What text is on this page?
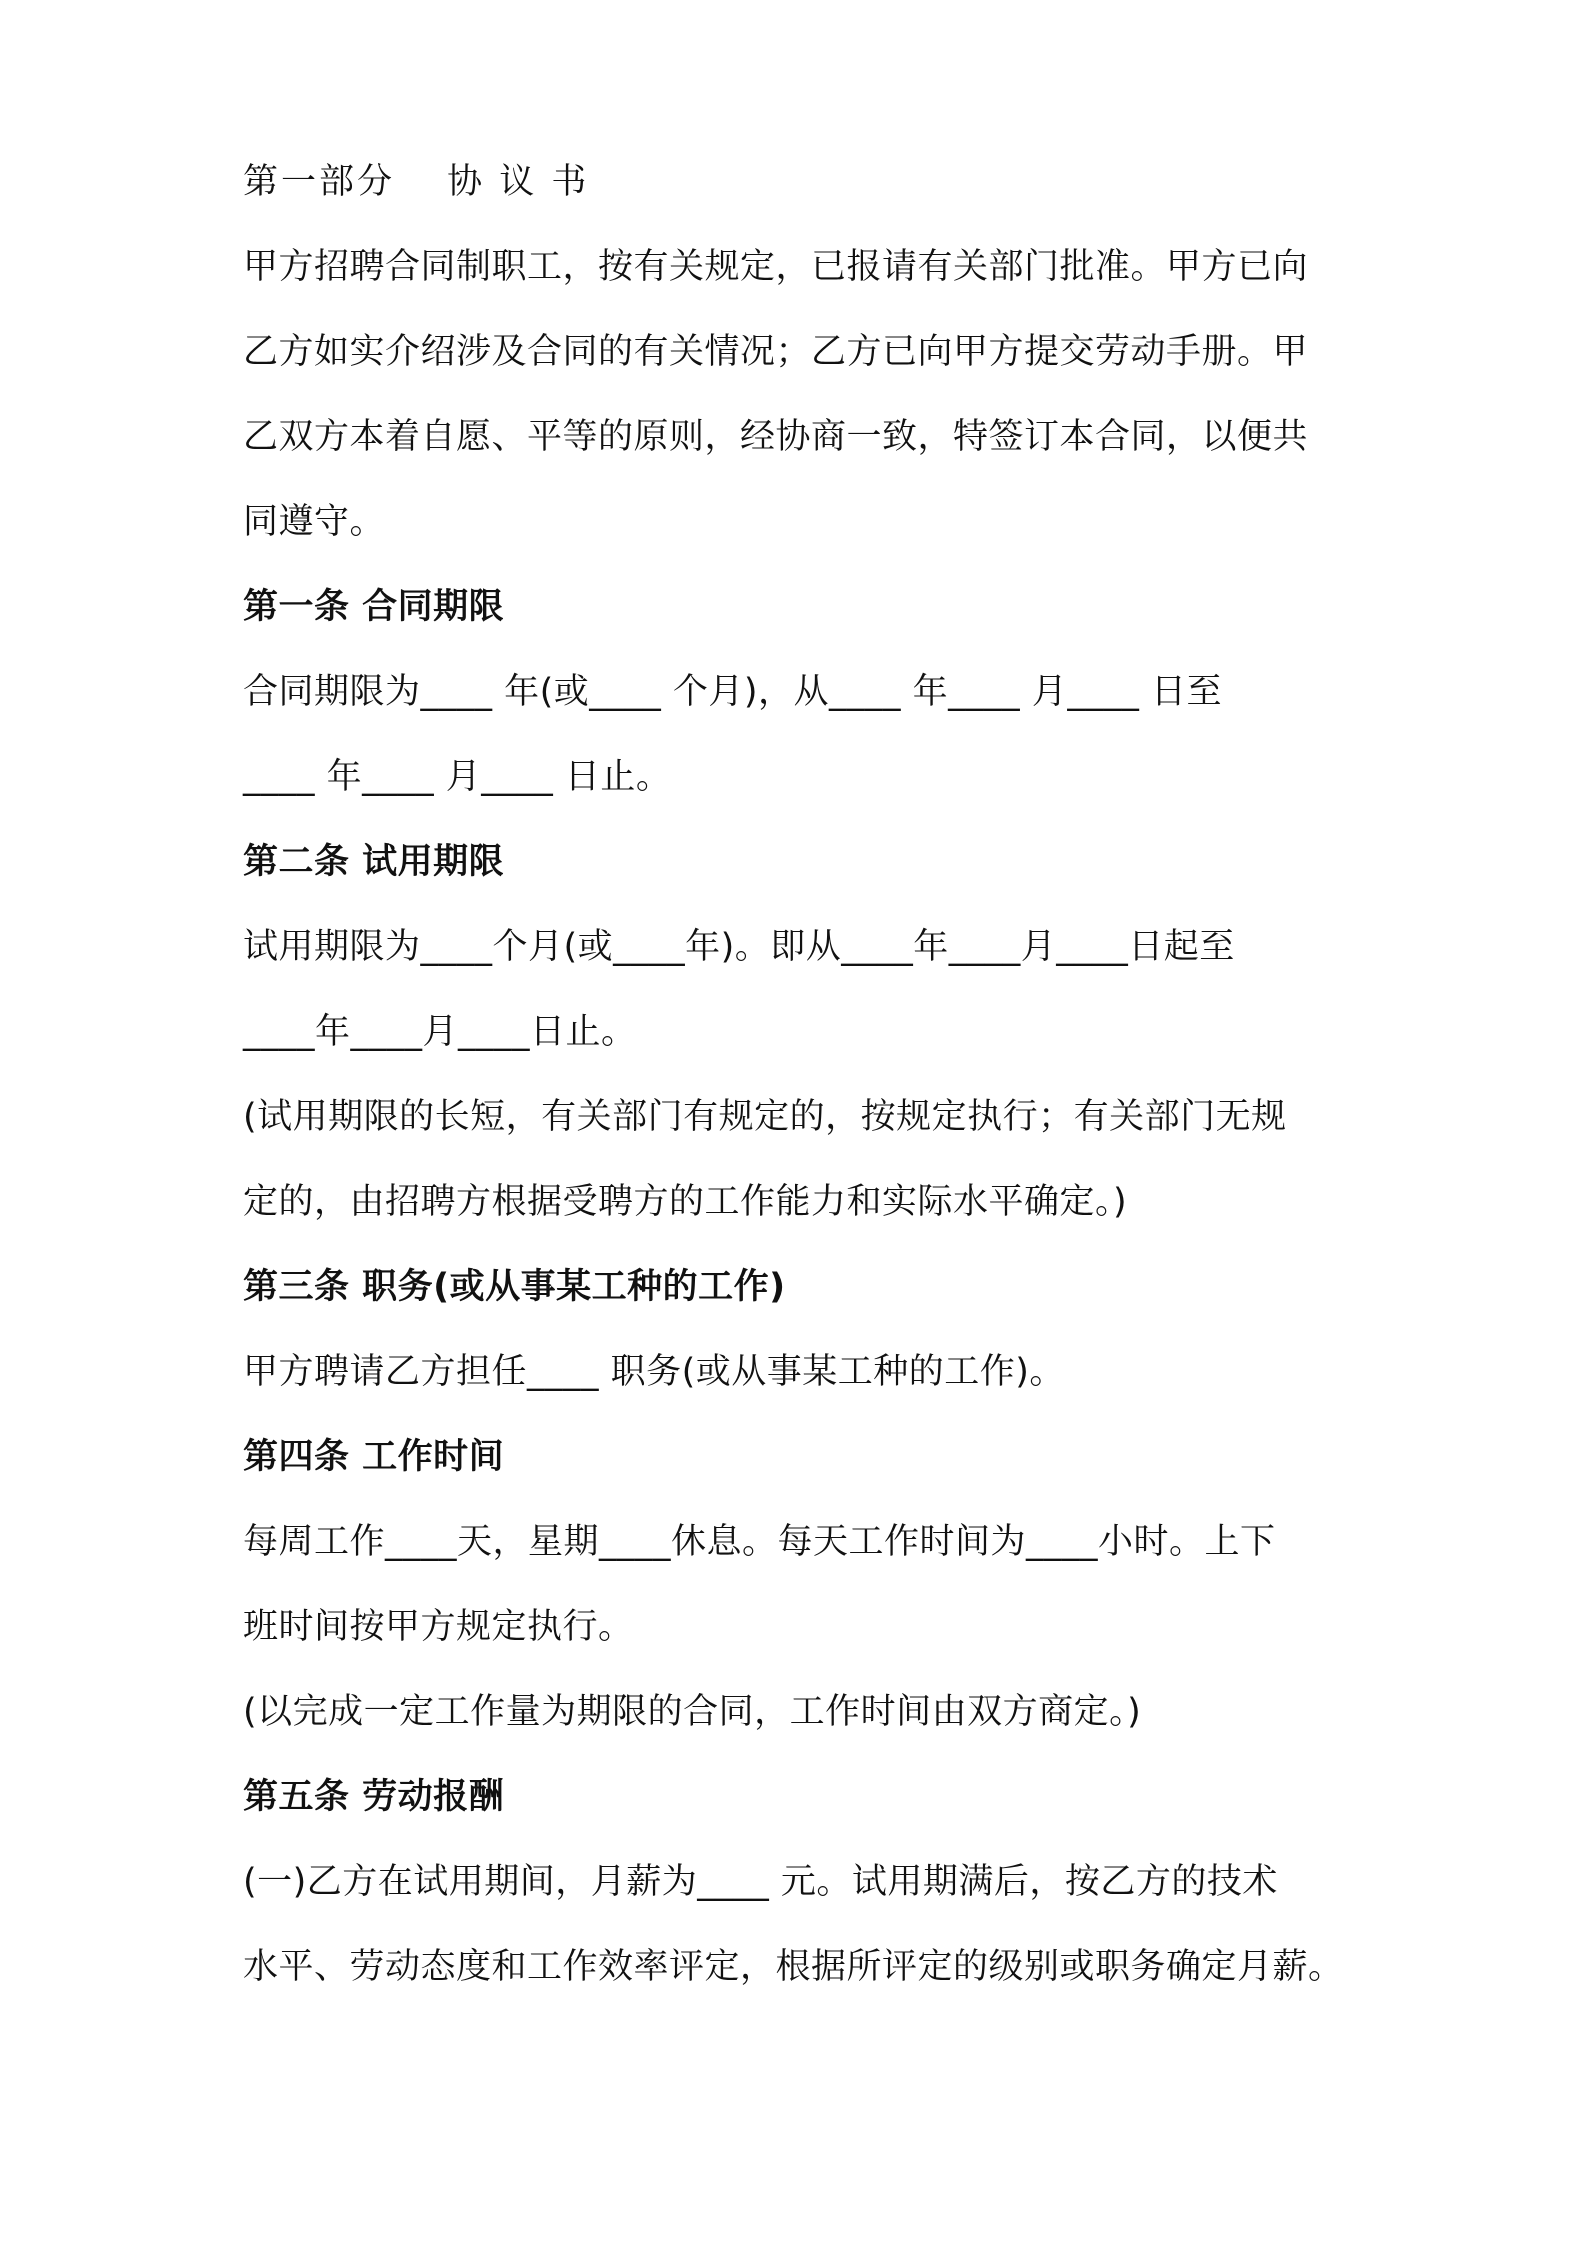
第一部分　 协 议 书
甲方招聘合同制职工，按有关规定，已报请有关部门批准。甲方已向
乙方如实介绍涉及合同的有关情况；乙方已向甲方提交劳动手册。甲
乙双方本着自愿、平等的原则，经协商一致，特签订本合同，以便共
同遵守。
第一条 合同期限
合同期限为____ 年(或____ 个月)，从____ 年____ 月____ 日至
____ 年____ 月____ 日止。
第二条 试用期限
试用期限为____个月(或____年)。即从____年____月____日起至
____年____月____日止。
(试用期限的长短，有关部门有规定的，按规定执行；有关部门无规
定的，由招聘方根据受聘方的工作能力和实际水平确定。)
第三条 职务(或从事某工种的工作)
甲方聘请乙方担任____ 职务(或从事某工种的工作)。
第四条 工作时间
每周工作____天，星期____休息。每天工作时间为____小时。上下
班时间按甲方规定执行。
(以完成一定工作量为期限的合同，工作时间由双方商定。)
第五条 劳动报酬
(一)乙方在试用期间，月薪为____ 元。试用期满后，按乙方的技术
水平、劳动态度和工作效率评定，根据所评定的级别或职务确定月薪。
